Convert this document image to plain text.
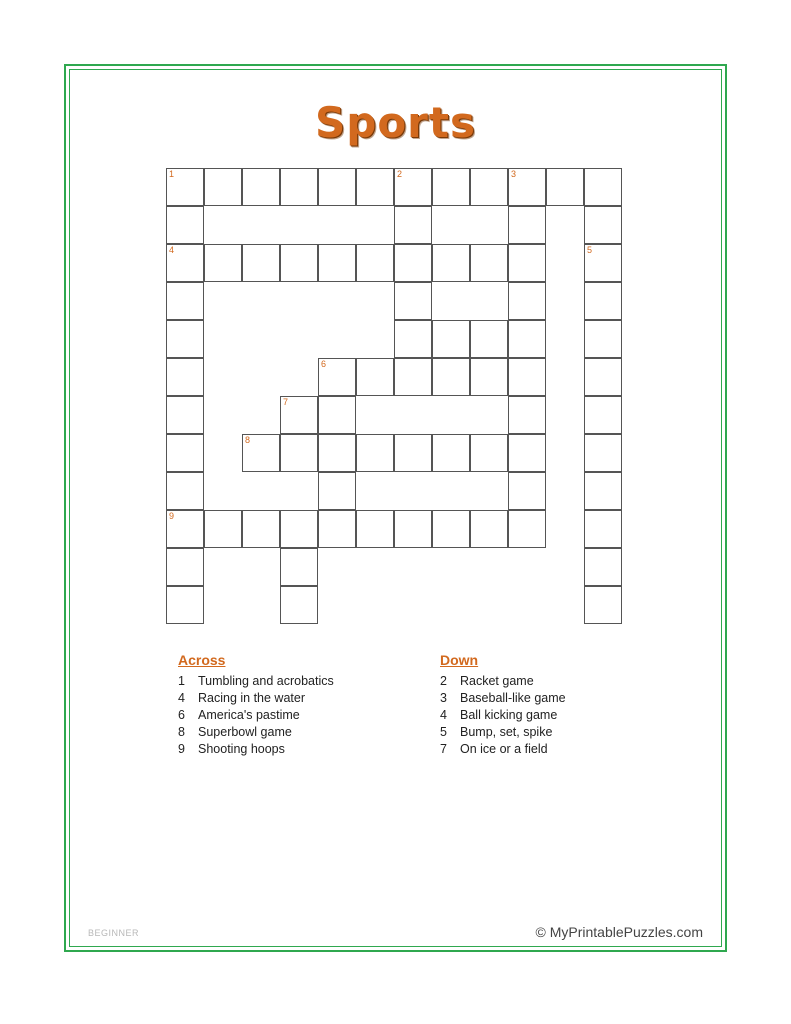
Sports
1	2	3
4	5
6
7
8
9
Across
1	Tumbling and acrobatics
4	Racing in the water
6	America's pastime
8	Superbowl game
9	Shooting hoops
Down
2	Racket game
3	Baseball-like game
4	Ball kicking game
5	Bump, set, spike
7	On ice or a field
BEGINNER	© MyPrintablePuzzles.com
